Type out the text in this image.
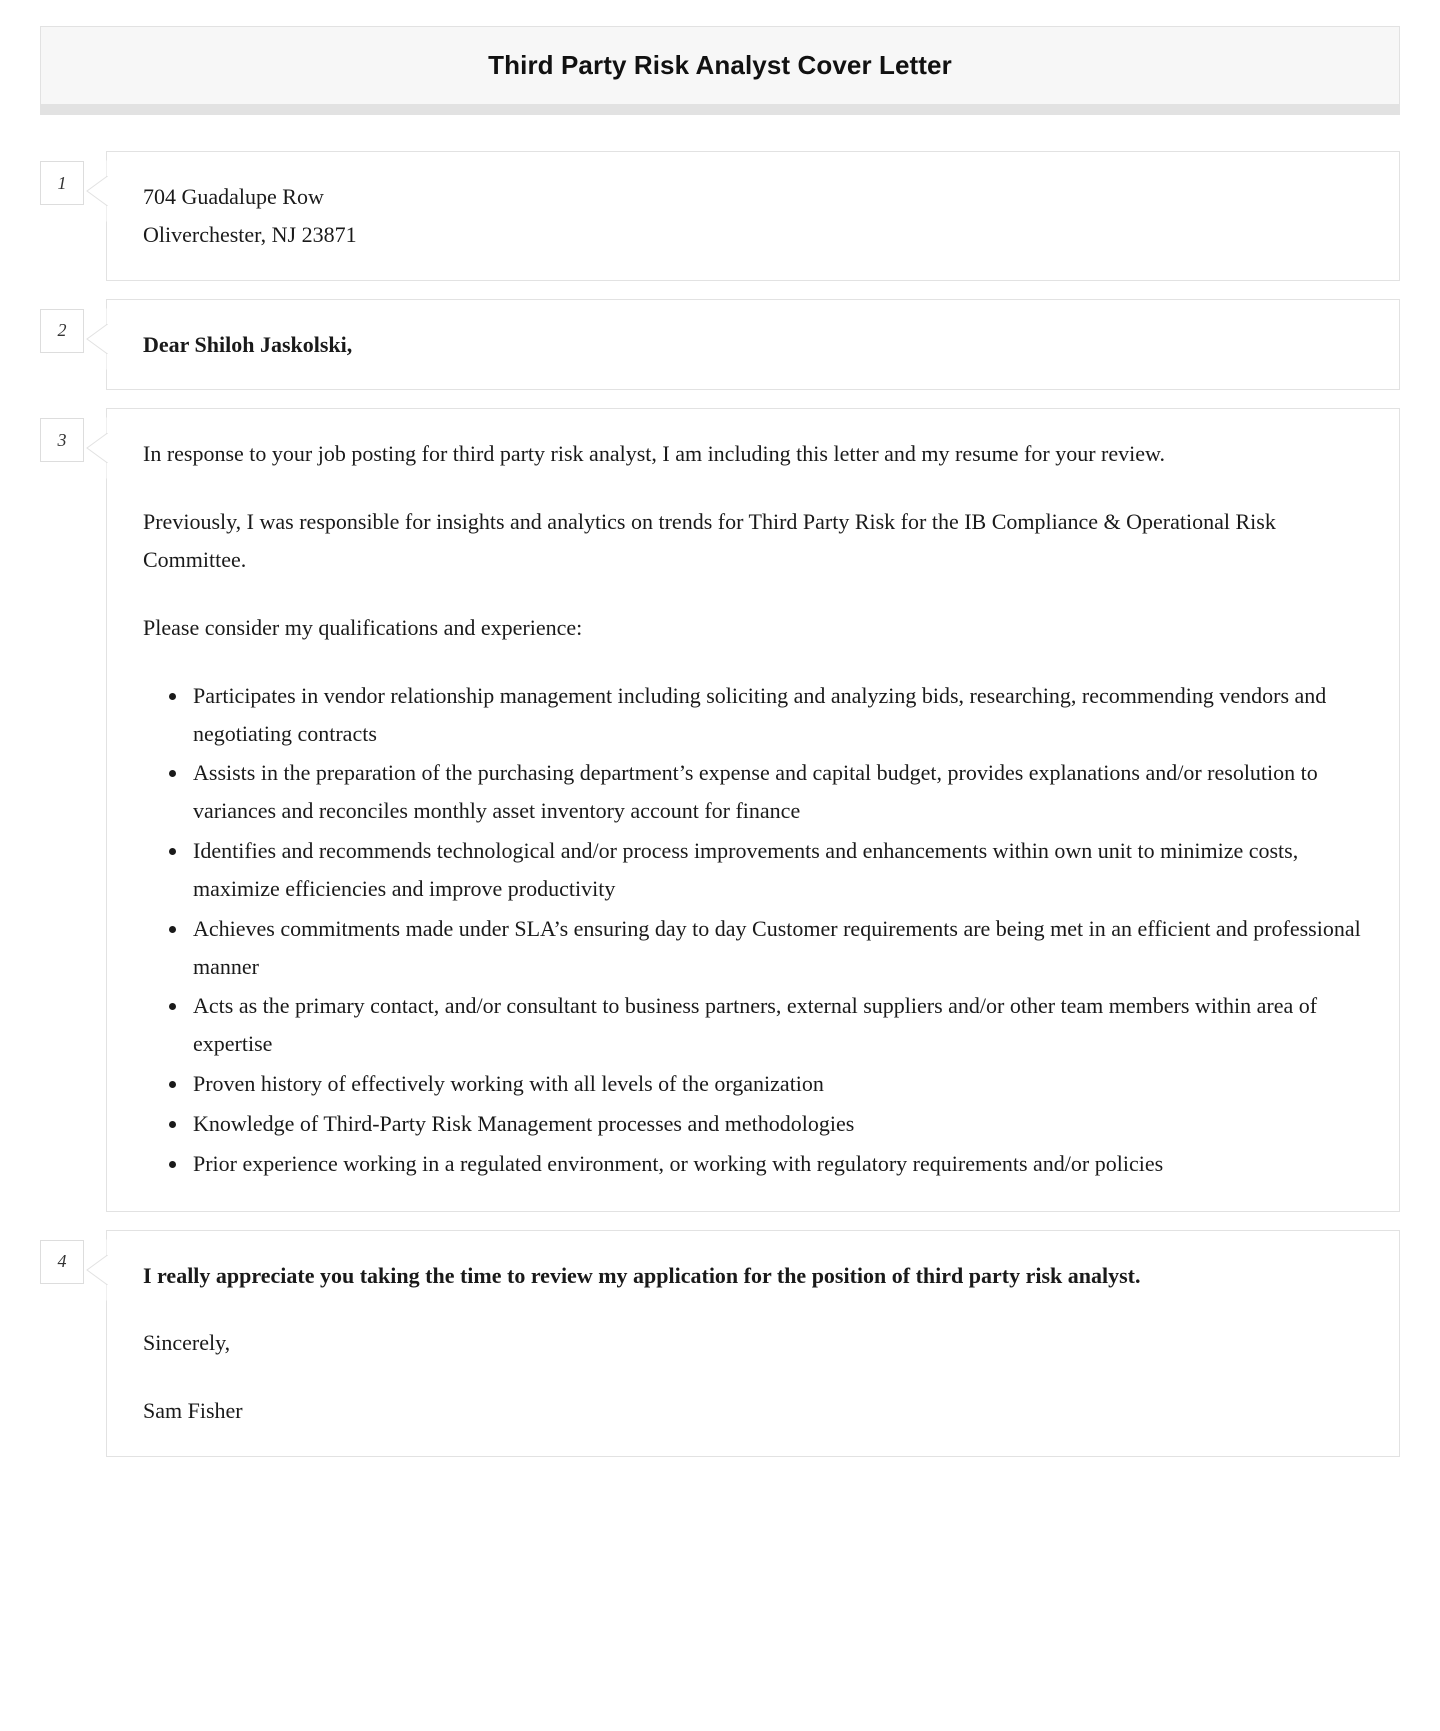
Third Party Risk Analyst Cover Letter
1
704 Guadalupe Row
Oliverchester, NJ 23871
2

Dear Shiloh Jaskolski,

3

In response to your job posting for third party risk analyst, I am including this letter and my resume for your review.

Previously, I was responsible for insights and analytics on trends for Third Party Risk for the IB Compliance & Operational Risk Committee.

Please consider my qualifications and experience:

• Participates in vendor relationship management including soliciting and analyzing bids, researching, recommending vendors and negotiating contracts
• Assists in the preparation of the purchasing department’s expense and capital budget, provides explanations and/or resolution to variances and reconciles monthly asset inventory account for finance
• Identifies and recommends technological and/or process improvements and enhancements within own unit to minimize costs, maximize efficiencies and improve productivity
• Achieves commitments made under SLA’s ensuring day to day Customer requirements are being met in an efficient and professional manner
• Acts as the primary contact, and/or consultant to business partners, external suppliers and/or other team members within area of expertise
• Proven history of effectively working with all levels of the organization
• Knowledge of Third-Party Risk Management processes and methodologies
• Prior experience working in a regulated environment, or working with regulatory requirements and/or policies
4

I really appreciate you taking the time to review my application for the position of third party risk analyst.

Sincerely,

Sam Fisher
